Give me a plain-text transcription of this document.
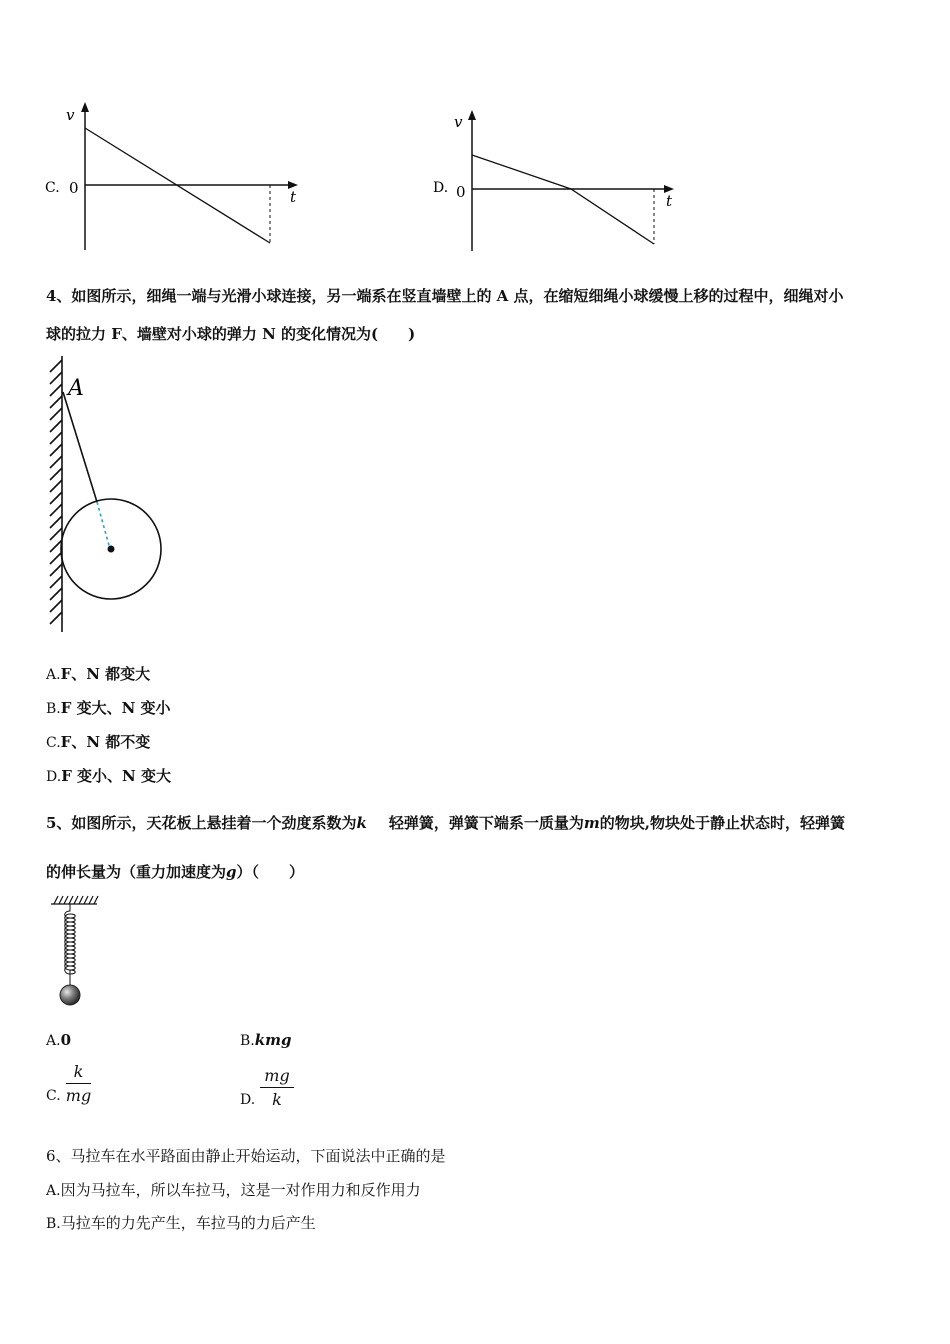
v
t
0
C.
v
t
0
D.
4、如图所示，细绳一端与光滑小球连接，另一端系在竖直墙壁上的 A 点，在缩短细绳小球缓慢上移的过程中，细绳对小
球的拉力 F、墙壁对小球的弹力 N 的变化情况为(　　)
A
A.F、N 都变大
B.F 变大、N 变小
C.F、N 都不变
D.F 变小、N 变大
5、如图所示，天花板上悬挂着一个劲度系数为k 轻弹簧，弹簧下端系一质量为m的物块,物块处于静止状态时，轻弹簧
的伸长量为（重力加速度为g）（　　）
A.0	B.kmg
C. $\frac{k}{mg}$	D. $\frac{mg}{k}$
6、马拉车在水平路面由静止开始运动，下面说法中正确的是
A.因为马拉车，所以车拉马，这是一对作用力和反作用力
B.马拉车的力先产生，车拉马的力后产生
